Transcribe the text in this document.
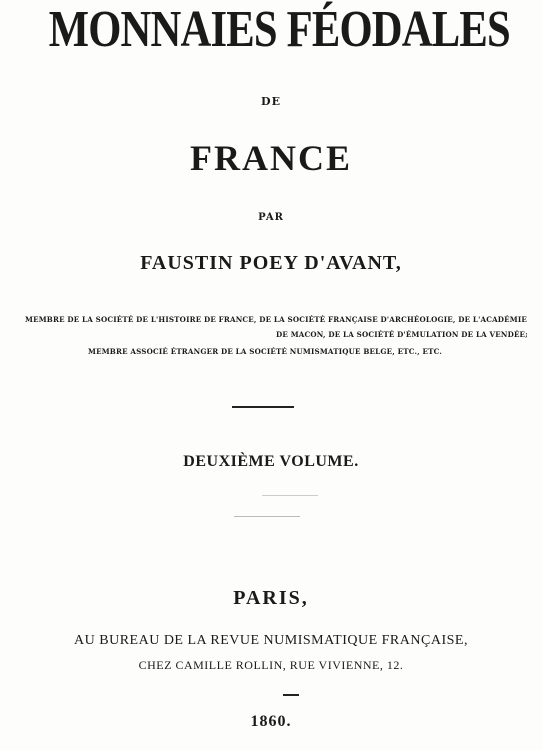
MONNAIES FÉODALES
DE
FRANCE
PAR
FAUSTIN POEY D'AVANT,
MEMBRE DE LA SOCIÉTÉ DE L'HISTOIRE DE FRANCE, DE LA SOCIÉTÉ FRANÇAISE D'ARCHÉOLOGIE, DE L'ACADÉMIE
DE MACON, DE LA SOCIÉTÉ D'ÉMULATION DE LA VENDÉE;
MEMBRE ASSOCIÉ ÉTRANGER DE LA SOCIÉTÉ NUMISMATIQUE BELGE, ETC., ETC.
DEUXIÈME VOLUME.
PARIS,
AU BUREAU DE LA REVUE NUMISMATIQUE FRANÇAISE,
CHEZ CAMILLE ROLLIN, RUE VIVIENNE, 12.
1860.
